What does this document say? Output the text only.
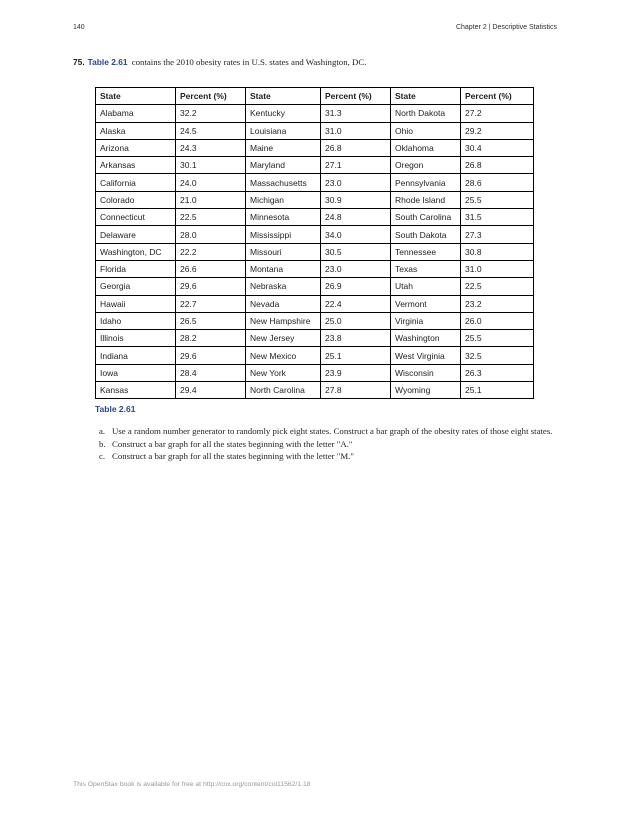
140	Chapter 2 | Descriptive Statistics

75. Table 2.61 contains the 2010 obesity rates in U.S. states and Washington, DC.

State	Percent (%)	State	Percent (%)	State	Percent (%)
Alabama	32.2	Kentucky	31.3	North Dakota	27.2
Alaska	24.5	Louisiana	31.0	Ohio	29.2
Arizona	24.3	Maine	26.8	Oklahoma	30.4
Arkansas	30.1	Maryland	27.1	Oregon	26.8
California	24.0	Massachusetts	23.0	Pennsylvania	28.6
Colorado	21.0	Michigan	30.9	Rhode Island	25.5
Connecticut	22.5	Minnesota	24.8	South Carolina	31.5
Delaware	28.0	Mississippi	34.0	South Dakota	27.3
Washington, DC	22.2	Missouri	30.5	Tennessee	30.8
Florida	26.6	Montana	23.0	Texas	31.0
Georgia	29.6	Nebraska	26.9	Utah	22.5
Hawaii	22.7	Nevada	22.4	Vermont	23.2
Idaho	26.5	New Hampshire	25.0	Virginia	26.0
Illinois	28.2	New Jersey	23.8	Washington	25.5
Indiana	29.6	New Mexico	25.1	West Virginia	32.5
Iowa	28.4	New York	23.9	Wisconsin	26.3
Kansas	29.4	North Carolina	27.8	Wyoming	25.1
Table 2.61
a. Use a random number generator to randomly pick eight states. Construct a bar graph of the obesity rates of those eight states.
b. Construct a bar graph for all the states beginning with the letter "A."
c. Construct a bar graph for all the states beginning with the letter "M."
This OpenStax book is available for free at http://cnx.org/content/col11562/1.18
